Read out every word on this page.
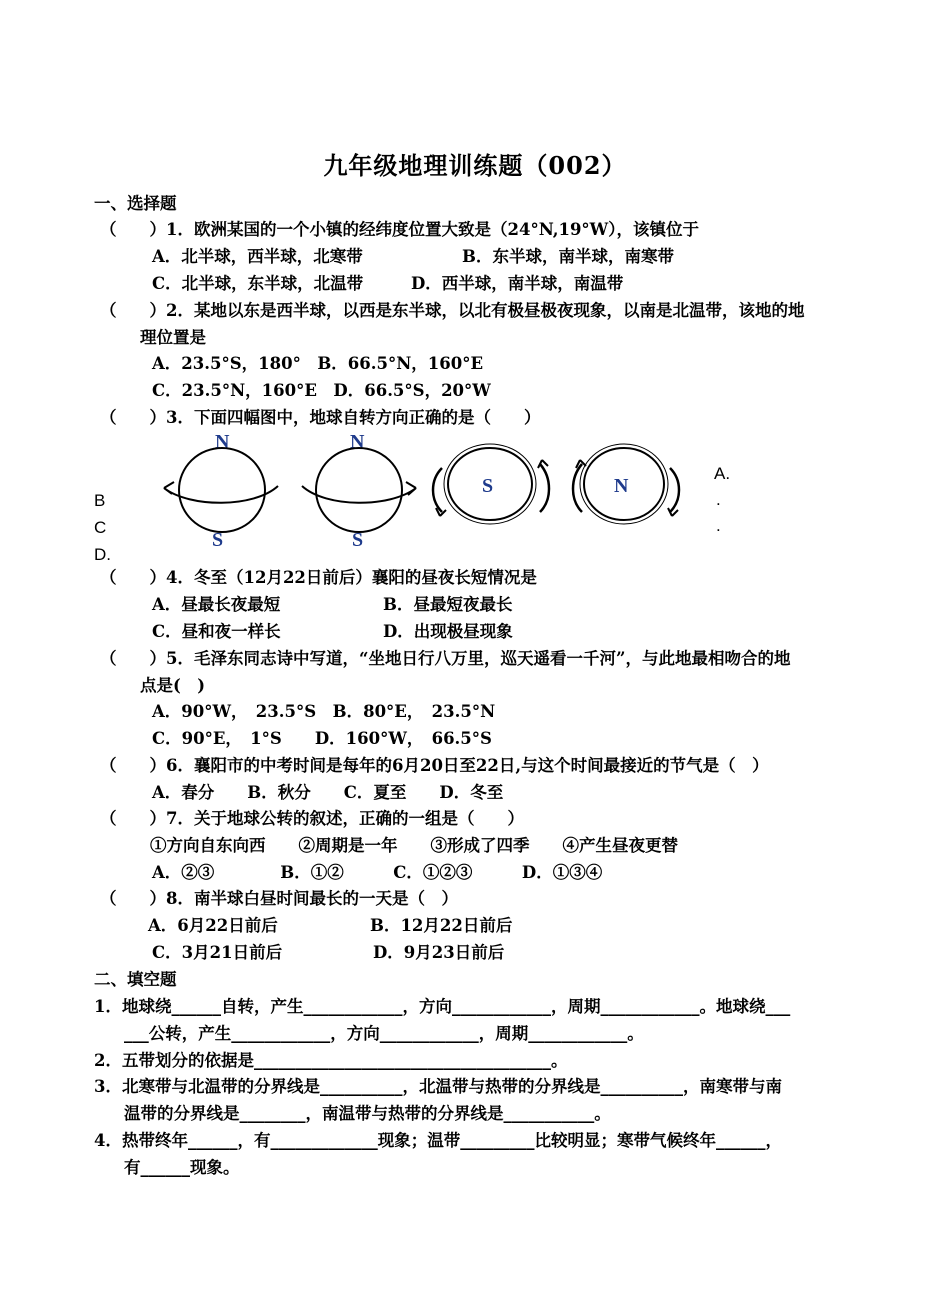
九年级地理训练题（002）
一、选择题
（　　）1．欧洲某国的一个小镇的经纬度位置大致是（24°N,19°W），该镇位于
A．北半球，西半球，北寒带	B．东半球，南半球，南寒带
C．北半球，东半球，北温带	D．西半球，南半球，南温带
（　　）2．某地以东是西半球，以西是东半球，以北有极昼极夜现象，以南是北温带，该地的地
理位置是
A．23.5°S，180°　B．66.5°N，160°E
C．23.5°N，160°E　D．66.5°S，20°W
（　　）3．下面四幅图中，地球自转方向正确的是（　　）
A.
.
.
B
C
D.
N
S
N
S
S	N
（　　）4．冬至（12月22日前后）襄阳的昼夜长短情况是
A．昼最长夜最短	B．昼最短夜最长
C．昼和夜一样长	D．出现极昼现象
（　　）5．毛泽东同志诗中写道，“坐地日行八万里，巡天遥看一千河”，与此地最相吻合的地
点是(　)
A．90°W，　23.5°S　B．80°E，　23.5°N
C．90°E，　1°S　　D．160°W，　66.5°S
（　　）6．襄阳市的中考时间是每年的6月20日至22日,与这个时间最接近的节气是（　）
A．春分　　B．秋分　　C．夏至　　D．冬至
（　　）7．关于地球公转的叙述，正确的一组是（　　）
①方向自东向西　　②周期是一年　　③形成了四季　　④产生昼夜更替
A．②③　　　　B．①②　　　C．①②③　　　D．①③④
（　　）8．南半球白昼时间最长的一天是（　）
A．6月22日前后	B．12月22日前后
C．3月21日前后	D．9月23日前后
二、填空题
1．地球绕______自转，产生____________，方向____________，周期____________。地球绕___
___公转，产生____________，方向____________，周期____________。
2．五带划分的依据是____________________________________。
3．北寒带与北温带的分界线是__________，北温带与热带的分界线是__________，南寒带与南
温带的分界线是________，南温带与热带的分界线是___________。
4．热带终年______，有_____________现象；温带_________比较明显；寒带气候终年______，
有______现象。
